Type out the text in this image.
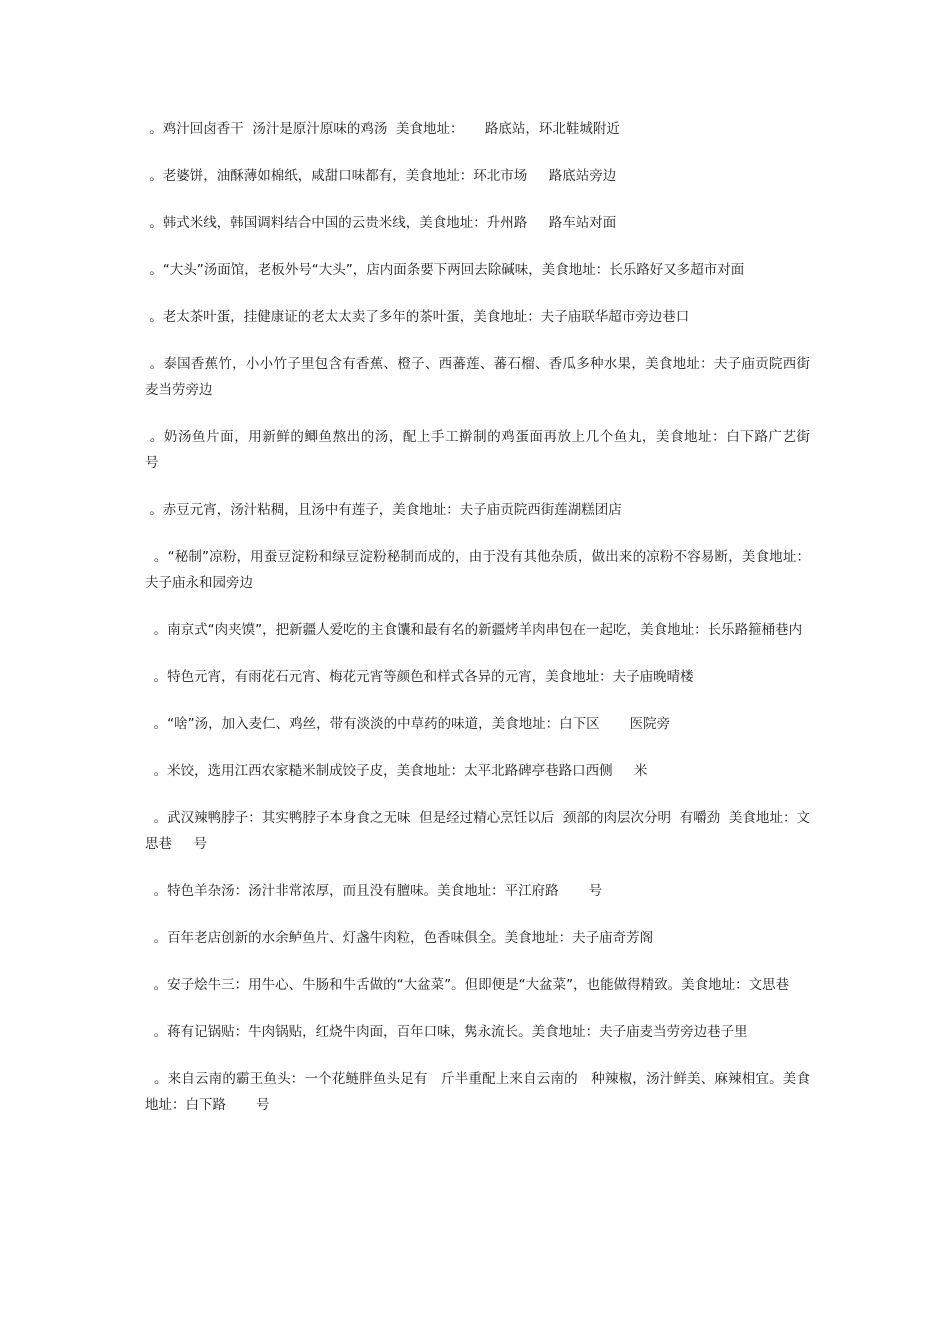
。鸡汁回卤香干  汤汁是原汁原味的鸡汤  美食地址：     路底站，环北鞋城附近
。老婆饼，油酥薄如棉纸，咸甜口味都有，美食地址：环北市场     路底站旁边
。韩式米线，韩国调料结合中国的云贵米线，美食地址：升州路     路车站对面
。“大头”汤面馆，老板外号“大头”，店内面条要下两回去除碱味，美食地址：长乐路好又多超市对面
。老太茶叶蛋，挂健康证的老太太卖了多年的茶叶蛋，美食地址：夫子庙联华超市旁边巷口
。泰国香蕉竹，小小竹子里包含有香蕉、橙子、西蕃莲、蕃石榴、香瓜多种水果，美食地址：夫子庙贡院西街麦当劳旁边
。奶汤鱼片面，用新鲜的鲫鱼熬出的汤，配上手工擀制的鸡蛋面再放上几个鱼丸，美食地址：白下路广艺街   号
。赤豆元宵，汤汁粘稠，且汤中有莲子，美食地址：夫子庙贡院西街莲湖糕团店
。“秘制”凉粉，用蚕豆淀粉和绿豆淀粉秘制而成的，由于没有其他杂质，做出来的凉粉不容易断，美食地址：夫子庙永和园旁边
。南京式“肉夹馍”，把新疆人爱吃的主食馕和最有名的新疆烤羊肉串包在一起吃，美食地址：长乐路箍桶巷内
。特色元宵，有雨花石元宵、梅花元宵等颜色和样式各异的元宵，美食地址：夫子庙晚晴楼
。“啥”汤，加入麦仁、鸡丝，带有淡淡的中草药的味道，美食地址：白下区       医院旁
。米饺，选用江西农家糙米制成饺子皮，美食地址：太平北路碑亭巷路口西侧     米
。武汉辣鸭脖子：其实鸭脖子本身食之无味  但是经过精心烹饪以后  颈部的肉层次分明  有嚼劲  美食地址：文思巷     号
。特色羊杂汤：汤汁非常浓厚，而且没有膻味。美食地址：平江府路       号
。百年老店创新的水余鲈鱼片、灯盏牛肉粒，色香味俱全。美食地址：夫子庙奇芳阁
。安子烩牛三：用牛心、牛肠和牛舌做的“大盆菜”。但即便是“大盆菜”，也能做得精致。美食地址：文思巷
。蒋有记锅贴：牛肉锅贴，红烧牛肉面，百年口味，隽永流长。美食地址：夫子庙麦当劳旁边巷子里
。来自云南的霸王鱼头：一个花鲢胖鱼头足有   斤半重配上来自云南的   种辣椒，汤汁鲜美、麻辣相宜。美食地址：白下路       号
